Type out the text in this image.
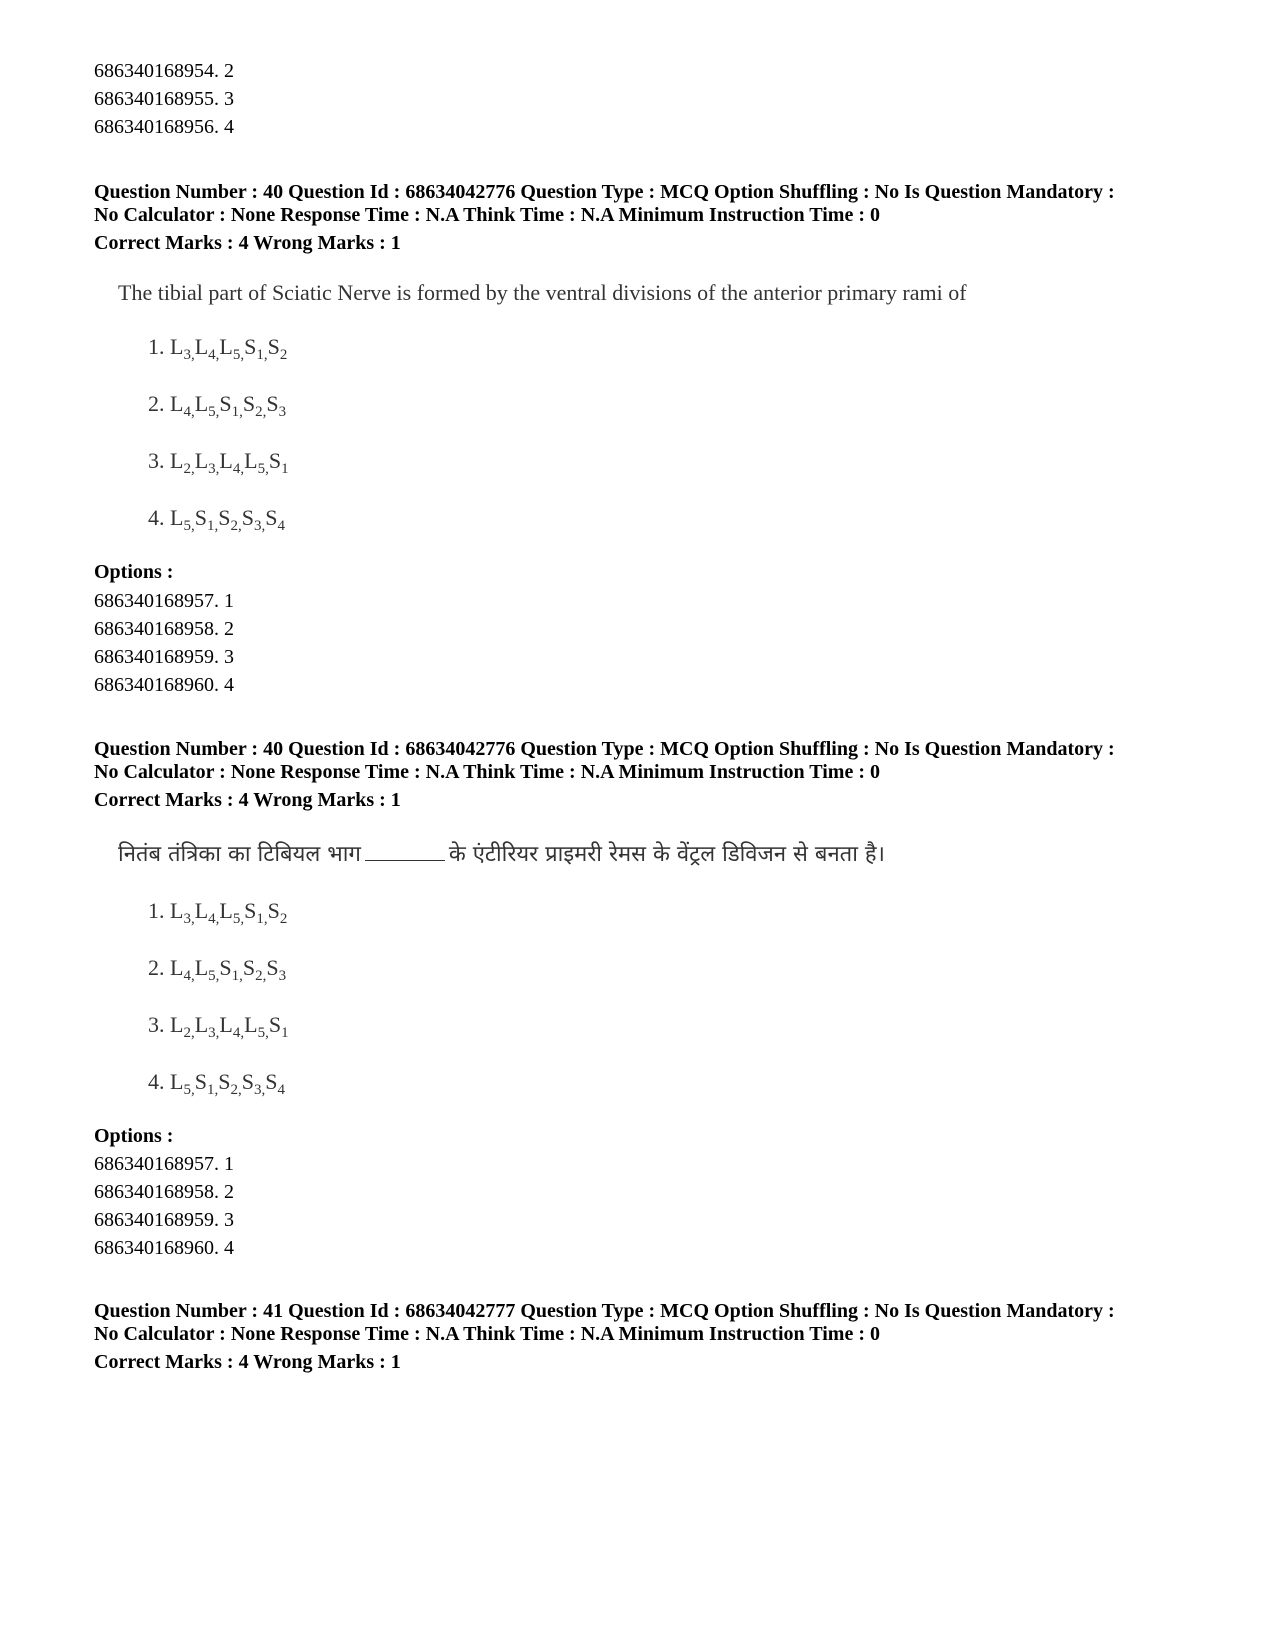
686340168954. 2
686340168955. 3
686340168956. 4
Question Number : 40 Question Id : 68634042776 Question Type : MCQ Option Shuffling : No Is Question Mandatory :
No Calculator : None Response Time : N.A Think Time : N.A Minimum Instruction Time : 0
Correct Marks : 4 Wrong Marks : 1
The tibial part of Sciatic Nerve is formed by the ventral divisions of the anterior primary rami of
1. $L_{3,}L_{4,}L_{5,}S_{1,}S_2$
2. $L_{4,}L_{5,}S_{1,}S_{2,}S_3$
3. $L_{2,}L_{3,}L_{4,}L_{5,}S_1$
4. $L_{5,}S_{1,}S_{2,}S_{3,}S_4$
Options :
686340168957. 1
686340168958. 2
686340168959. 3
686340168960. 4
Question Number : 40 Question Id : 68634042776 Question Type : MCQ Option Shuffling : No Is Question Mandatory :
No Calculator : None Response Time : N.A Think Time : N.A Minimum Instruction Time : 0
Correct Marks : 4 Wrong Marks : 1
नितंब तंत्रिका का टिबियल भाग	के एंटीरियर प्राइमरी रेमस के वेंट्रल डिविजन से बनता है।
1. $L_{3,}L_{4,}L_{5,}S_{1,}S_2$
2. $L_{4,}L_{5,}S_{1,}S_{2,}S_3$
3. $L_{2,}L_{3,}L_{4,}L_{5,}S_1$
4. $L_{5,}S_{1,}S_{2,}S_{3,}S_4$
Options :
686340168957. 1
686340168958. 2
686340168959. 3
686340168960. 4
Question Number : 41 Question Id : 68634042777 Question Type : MCQ Option Shuffling : No Is Question Mandatory :
No Calculator : None Response Time : N.A Think Time : N.A Minimum Instruction Time : 0
Correct Marks : 4 Wrong Marks : 1
